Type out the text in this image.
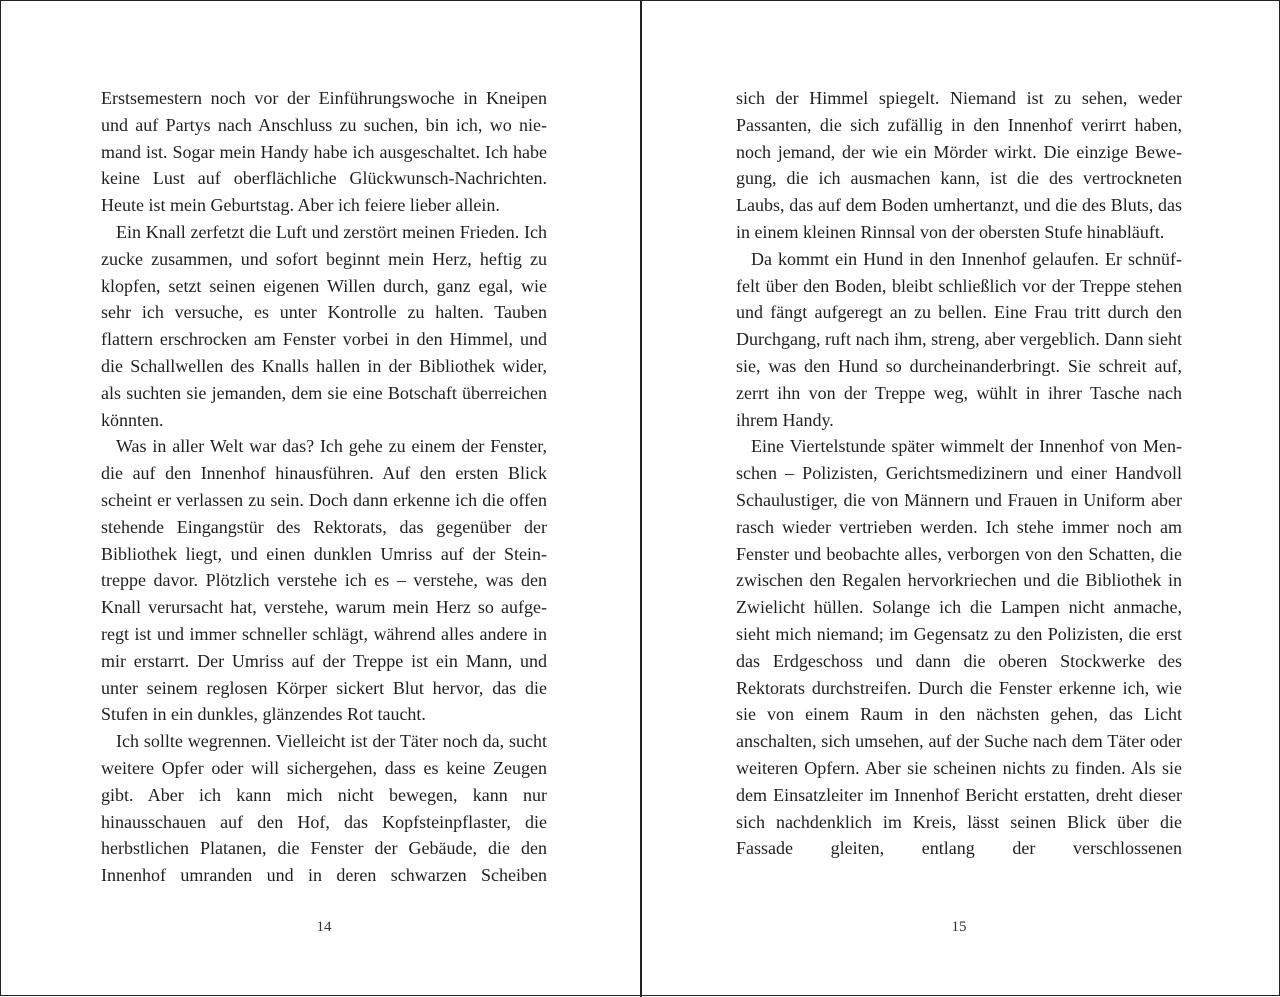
Erstsemestern noch vor der Einführungswoche in Kneipen und auf Partys nach Anschluss zu suchen, bin ich, wo niemand ist. Sogar mein Handy habe ich ausgeschaltet. Ich habe keine Lust auf oberflächliche Glückwunsch-Nachrichten. Heute ist mein Geburtstag. Aber ich feiere lieber allein.

Ein Knall zerfetzt die Luft und zerstört meinen Frieden. Ich zucke zusammen, und sofort beginnt mein Herz, heftig zu klopfen, setzt seinen eigenen Willen durch, ganz egal, wie sehr ich versuche, es unter Kontrolle zu halten. Tauben flattern erschrocken am Fenster vorbei in den Himmel, und die Schallwellen des Knalls hallen in der Bibliothek wider, als suchten sie jemanden, dem sie eine Botschaft überreichen könnten.

Was in aller Welt war das? Ich gehe zu einem der Fenster, die auf den Innenhof hinausführen. Auf den ersten Blick scheint er verlassen zu sein. Doch dann erkenne ich die offen stehende Eingangstür des Rektorats, das gegenüber der Bibliothek liegt, und einen dunklen Umriss auf der Steintreppe davor. Plötzlich verstehe ich es – verstehe, was den Knall verursacht hat, verstehe, warum mein Herz so aufgeregt ist und immer schneller schlägt, während alles andere in mir erstarrt. Der Umriss auf der Treppe ist ein Mann, und unter seinem reglosen Körper sickert Blut hervor, das die Stufen in ein dunkles, glänzendes Rot taucht.

Ich sollte wegrennen. Vielleicht ist der Täter noch da, sucht weitere Opfer oder will sichergehen, dass es keine Zeugen gibt. Aber ich kann mich nicht bewegen, kann nur hinausschauen auf den Hof, das Kopfsteinpflaster, die herbstlichen Platanen, die Fenster der Gebäude, die den Innenhof umranden und in deren schwarzen Scheiben

sich der Himmel spiegelt. Niemand ist zu sehen, weder Passanten, die sich zufällig in den Innenhof verirrt haben, noch jemand, der wie ein Mörder wirkt. Die einzige Bewegung, die ich ausmachen kann, ist die des vertrockneten Laubs, das auf dem Boden umhertanzt, und die des Bluts, das in einem kleinen Rinnsal von der obersten Stufe hinabläuft.

Da kommt ein Hund in den Innenhof gelaufen. Er schnüffelt über den Boden, bleibt schließlich vor der Treppe stehen und fängt aufgeregt an zu bellen. Eine Frau tritt durch den Durchgang, ruft nach ihm, streng, aber vergeblich. Dann sieht sie, was den Hund so durcheinanderbringt. Sie schreit auf, zerrt ihn von der Treppe weg, wühlt in ihrer Tasche nach ihrem Handy.

Eine Viertelstunde später wimmelt der Innenhof von Menschen – Polizisten, Gerichtsmedizinern und einer Handvoll Schaulustiger, die von Männern und Frauen in Uniform aber rasch wieder vertrieben werden. Ich stehe immer noch am Fenster und beobachte alles, verborgen von den Schatten, die zwischen den Regalen hervorkriechen und die Bibliothek in Zwielicht hüllen. Solange ich die Lampen nicht anmache, sieht mich niemand; im Gegensatz zu den Polizisten, die erst das Erdgeschoss und dann die oberen Stockwerke des Rektorats durchstreifen. Durch die Fenster erkenne ich, wie sie von einem Raum in den nächsten gehen, das Licht anschalten, sich umsehen, auf der Suche nach dem Täter oder weiteren Opfern. Aber sie scheinen nichts zu finden. Als sie dem Einsatzleiter im Innenhof Bericht erstatten, dreht dieser sich nachdenklich im Kreis, lässt seinen Blick über die Fassade gleiten, entlang der verschlossenen

14	15
